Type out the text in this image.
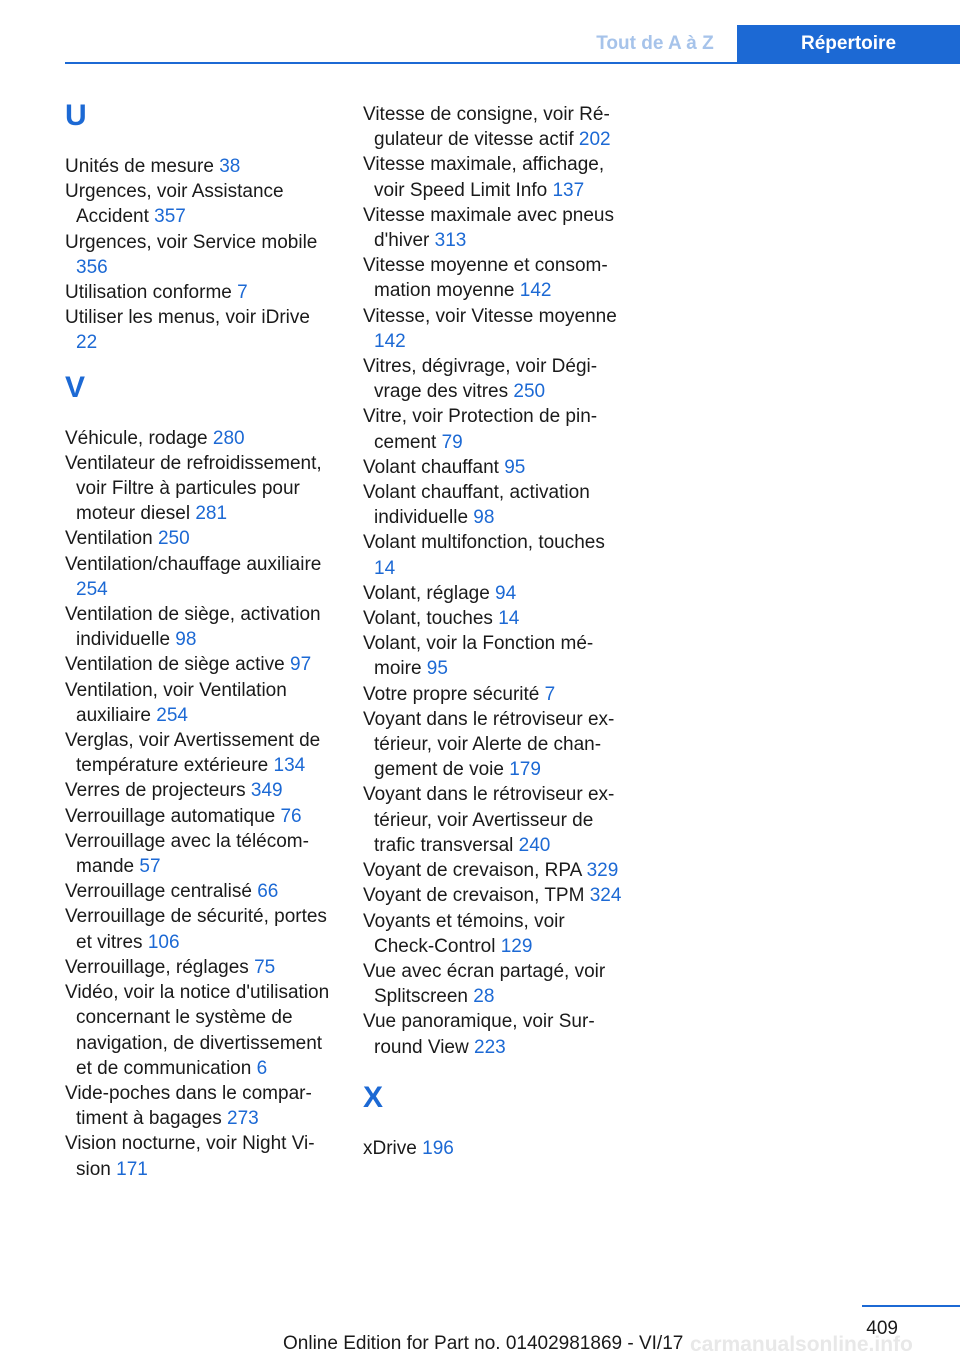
Tout de A à Z	Répertoire
U
Unités de mesure 38
Urgences, voir Assistance Accident 357
Urgences, voir Service mobile 356
Utilisation conforme 7
Utiliser les menus, voir iDrive 22
V
Véhicule, rodage 280
Ventilateur de refroidissement, voir Filtre à particules pour moteur diesel 281
Ventilation 250
Ventilation/chauffage auxiliaire 254
Ventilation de siège, activation individuelle 98
Ventilation de siège active 97
Ventilation, voir Ventilation auxiliaire 254
Verglas, voir Avertissement de température extérieure 134
Verres de projecteurs 349
Verrouillage automatique 76
Verrouillage avec la télécommande 57
Verrouillage centralisé 66
Verrouillage de sécurité, portes et vitres 106
Verrouillage, réglages 75
Vidéo, voir la notice d'utilisation concernant le système de navigation, de divertissement et de communication 6
Vide-poches dans le compartiment à bagages 273
Vision nocturne, voir Night Vision 171
Vitesse de consigne, voir Régulateur de vitesse actif 202
Vitesse maximale, affichage, voir Speed Limit Info 137
Vitesse maximale avec pneus d'hiver 313
Vitesse moyenne et consommation moyenne 142
Vitesse, voir Vitesse moyenne 142
Vitres, dégivrage, voir Dégivrage des vitres 250
Vitre, voir Protection de pincement 79
Volant chauffant 95
Volant chauffant, activation individuelle 98
Volant multifonction, touches 14
Volant, réglage 94
Volant, touches 14
Volant, voir la Fonction mémoire 95
Votre propre sécurité 7
Voyant dans le rétroviseur extérieur, voir Alerte de changement de voie 179
Voyant dans le rétroviseur extérieur, voir Avertisseur de trafic transversal 240
Voyant de crevaison, RPA 329
Voyant de crevaison, TPM 324
Voyants et témoins, voir Check-Control 129
Vue avec écran partagé, voir Splitscreen 28
Vue panoramique, voir Surround View 223
X
xDrive 196
409
Online Edition for Part no. 01402981869 - VI/17 carmanualsonline.info
